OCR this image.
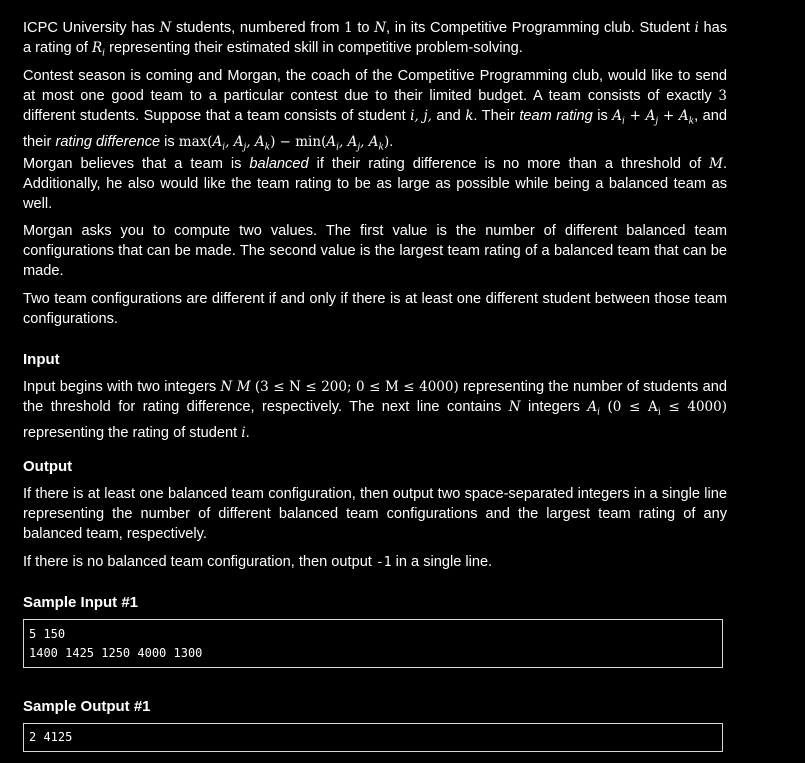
ICPC University has N students, numbered from 1 to N, in its Competitive Programming club. Student i has a rating of $R_i$ representing their estimated skill in competitive problem-solving.

Contest season is coming and Morgan, the coach of the Competitive Programming club, would like to send at most one good team to a particular contest due to their limited budget. A team consists of exactly 3 different students. Suppose that a team consists of student i, j, and k. Their team rating is $A_i + A_j + A_k$, and their rating difference is $\max(A_i$, $A_j$, $A_k) - \min(A_i$, $A_j$, $A_k$).

Morgan believes that a team is balanced if their rating difference is no more than a threshold of M. Additionally, he also would like the team rating to be as large as possible while being a balanced team as well.

Morgan asks you to compute two values. The first value is the number of different balanced team configurations that can be made. The second value is the largest team rating of a balanced team that can be made.

Two team configurations are different if and only if there is at least one different student between those team configurations.

Input

Input begins with two integers N M (3 ≤ N ≤ 200; 0 ≤ M ≤ 4000) representing the number of students and the threshold for rating difference, respectively. The next line contains N integers $A_i$ $(0 \le A_i \le 4000)$ representing the rating of student i.

Output

If there is at least one balanced team configuration, then output two space-separated integers in a single line representing the number of different balanced team configurations and the largest team rating of any balanced team, respectively.

If there is no balanced team configuration, then output -1 in a single line.

Sample Input #1
5 150
1400 1425 1250 4000 1300
Sample Output #1
2 4125
